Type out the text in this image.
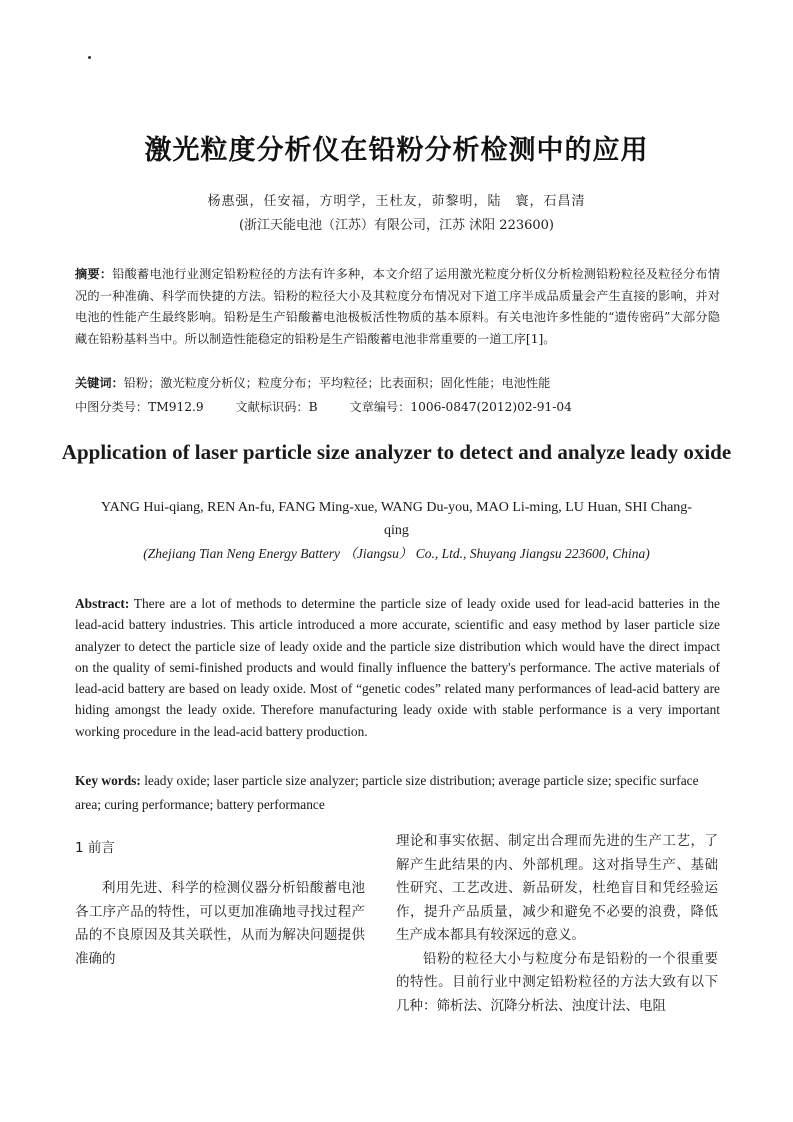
激光粒度分析仪在铅粉分析检测中的应用
杨惠强，任安福，方明学，王杜友，茆黎明，陆　寰，石昌清
(浙江天能电池（江苏）有限公司，江苏 沭阳 223600)
摘要：铅酸蓄电池行业测定铅粉粒径的方法有许多种，本文介绍了运用激光粒度分析仪分析检测铅粉粒径及粒径分布情况的一种准确、科学而快捷的方法。铅粉的粒径大小及其粒度分布情况对下道工序半成品质量会产生直接的影响，并对电池的性能产生最终影响。铅粉是生产铅酸蓄电池极板活性物质的基本原料。有关电池许多性能的“遗传密码”大部分隐藏在铅粉基料当中。所以制造性能稳定的铅粉是生产铅酸蓄电池非常重要的一道工序[1]。
关键词：铅粉；激光粒度分析仪；粒度分布；平均粒径；比表面积；固化性能；电池性能
中图分类号：TM912.9	文献标识码：B	文章编号：1006-0847(2012)02-91-04
Application of laser particle size analyzer to detect and analyze leady oxide
YANG Hui-qiang, REN An-fu, FANG Ming-xue, WANG Du-you, MAO Li-ming, LU Huan, SHI Chang-qing
(Zhejiang Tian Neng Energy Battery （Jiangsu） Co., Ltd., Shuyang Jiangsu 223600, China)
Abstract: There are a lot of methods to determine the particle size of leady oxide used for lead-acid batteries in the lead-acid battery industries. This article introduced a more accurate, scientific and easy method by laser particle size analyzer to detect the particle size of leady oxide and the particle size distribution which would have the direct impact on the quality of semi-finished products and would finally influence the battery's performance. The active materials of lead-acid battery are based on leady oxide. Most of “genetic codes” related many performances of lead-acid battery are hiding amongst the leady oxide. Therefore manufacturing leady oxide with stable performance is a very important working procedure in the lead-acid battery production.
Key words: leady oxide; laser particle size analyzer; particle size distribution; average particle size; specific surface area; curing performance; battery performance
1 前言

利用先进、科学的检测仪器分析铅酸蓄电池各工序产品的特性，可以更加准确地寻找过程产品的不良原因及其关联性，从而为解决问题提供准确的

理论和事实依据、制定出合理而先进的生产工艺，了解产生此结果的内、外部机理。这对指导生产、基础性研究、工艺改进、新品研发，杜绝盲目和凭经验运作，提升产品质量，减少和避免不必要的浪费，降低生产成本都具有较深远的意义。

铅粉的粒径大小与粒度分布是铅粉的一个很重要的特性。目前行业中测定铅粉粒径的方法大致有以下几种：筛析法、沉降分析法、浊度计法、电阻
